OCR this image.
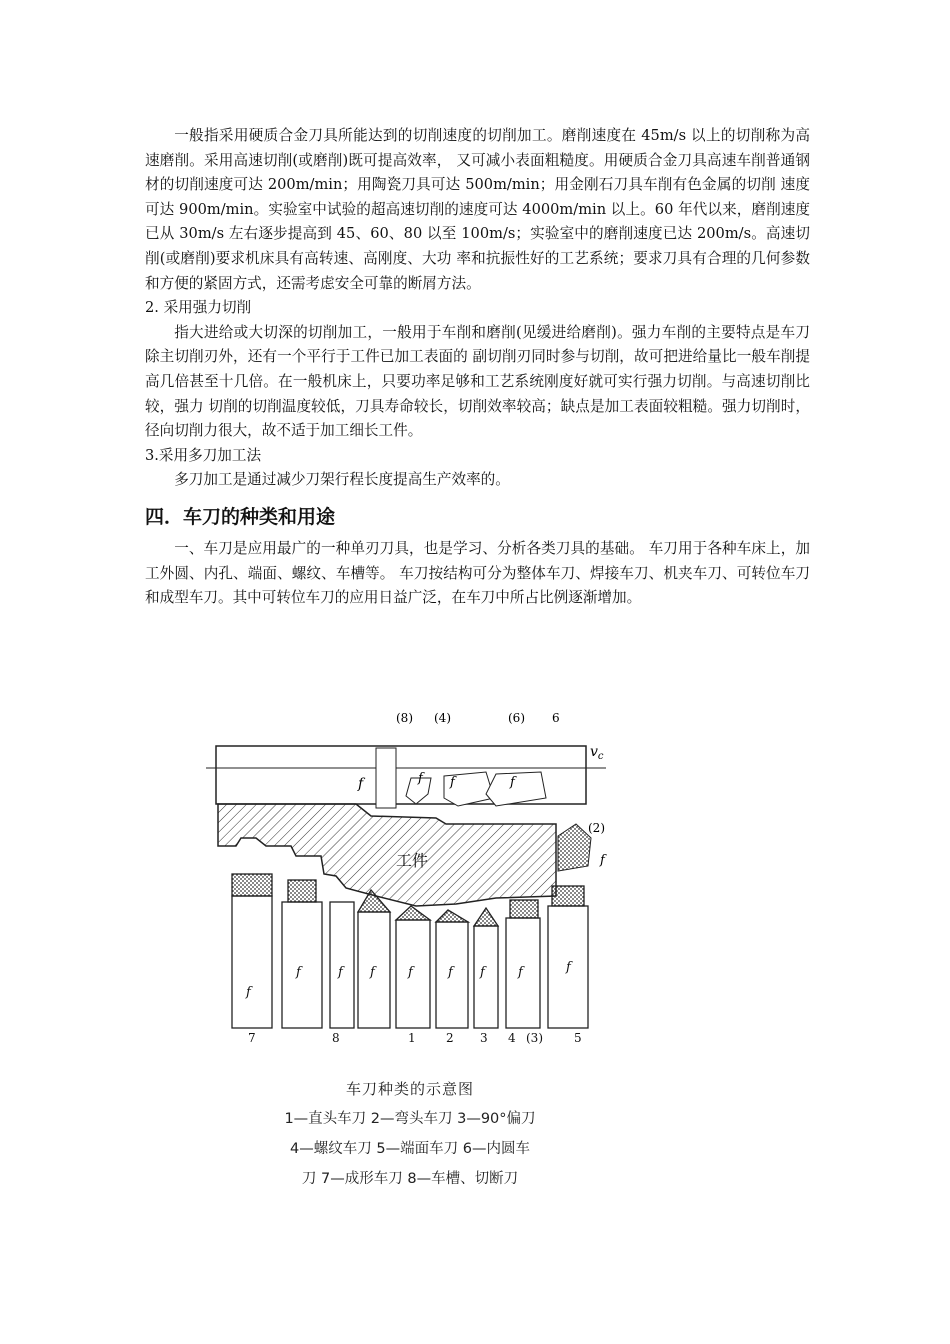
一般指采用硬质合金刀具所能达到的切削速度的切削加工。磨削速度在 45m/s 以上的切削称为高速磨削。采用高速切削(或磨削)既可提高效率， 又可减小表面粗糙度。用硬质合金刀具高速车削普通钢材的切削速度可达 200m/min；用陶瓷刀具可达 500m/min；用金刚石刀具车削有色金属的切削 速度可达 900m/min。实验室中试验的超高速切削的速度可达 4000m/min 以上。60 年代以来，磨削速度已从 30m/s 左右逐步提高到 45、60、80 以至 100m/s；实验室中的磨削速度已达 200m/s。高速切削(或磨削)要求机床具有高转速、高刚度、大功 率和抗振性好的工艺系统；要求刀具有合理的几何参数和方便的紧固方式，还需考虑安全可靠的断屑方法。

2. 采用强力切削

指大进给或大切深的切削加工，一般用于车削和磨削(见缓进给磨削)。强力车削的主要特点是车刀除主切削刃外，还有一个平行于工件已加工表面的 副切削刃同时参与切削，故可把进给量比一般车削提高几倍甚至十几倍。在一般机床上，只要功率足够和工艺系统刚度好就可实行强力切削。与高速切削比较，强力 切削的切削温度较低，刀具寿命较长，切削效率较高；缺点是加工表面较粗糙。强力切削时，径向切削力很大，故不适于加工细长工件。

3.采用多刀加工法

多刀加工是通过减少刀架行程长度提高生产效率的。

四．车刀的种类和用途

一、车刀是应用最广的一种单刃刀具，也是学习、分析各类刀具的基础。 车刀用于各种车床上，加工外圆、内孔、端面、螺纹、车槽等。 车刀按结构可分为整体车刀、焊接车刀、机夹车刀、可转位车刀和成型车刀。其中可转位车刀的应用日益广泛，在车刀中所占比例逐渐增加。

工件
$v_c$
(8) (4)	(6) 6
f	f f	f
(2)
f
f
f	f f	f	f f	f	f
7	8	1	2 3 4 (3)	5
车刀种类的示意图
1—直头车刀 2—弯头车刀 3—90°偏刀
4—螺纹车刀 5—端面车刀 6—内圆车
刀 7—成形车刀 8—车槽、切断刀
